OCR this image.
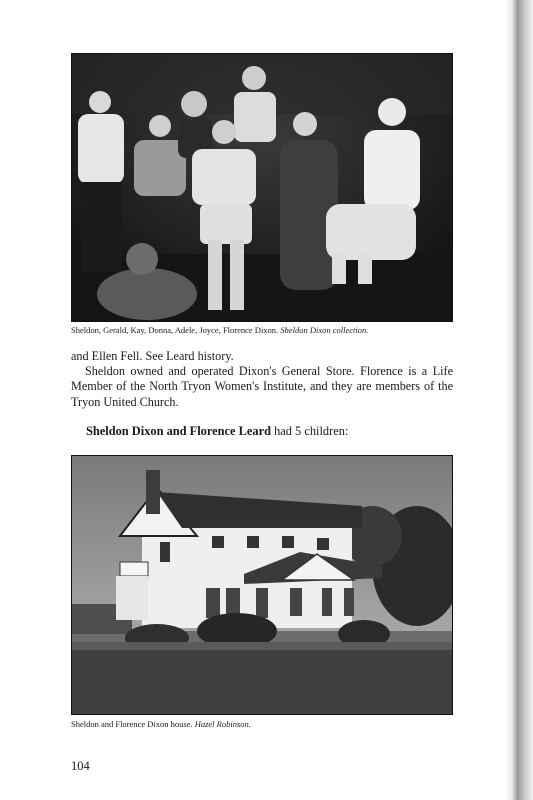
Sheldon, Gerald, Kay, Donna, Adele, Joyce, Florence Dixon. Sheldon Dixon collection.

and Ellen Fell. See Leard history.

Sheldon owned and operated Dixon's General Store. Florence is a Life Member of the North Tryon Women's Institute, and they are members of the Tryon United Church.

Sheldon Dixon and Florence Leard had 5 children:
Sheldon and Florence Dixon house. Hazel Robinson.
104
